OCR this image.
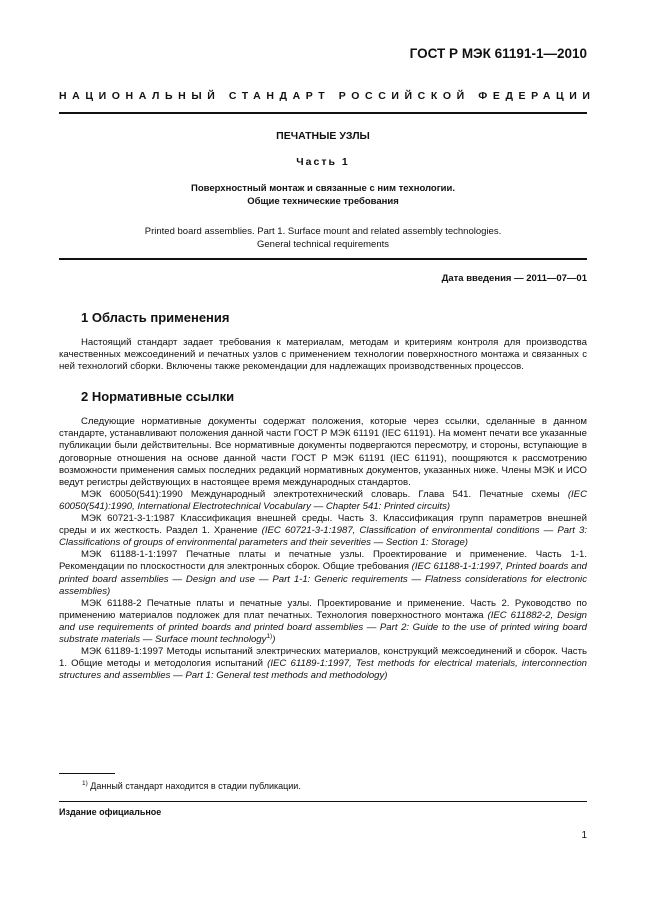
ГОСТ Р МЭК 61191-1—2010
НАЦИОНАЛЬНЫЙ СТАНДАРТ РОССИЙСКОЙ ФЕДЕРАЦИИ
ПЕЧАТНЫЕ УЗЛЫ
Часть 1
Поверхностный монтаж и связанные с ним технологии.
Общие технические требования
Printed board assemblies. Part 1. Surface mount and related assembly technologies.
General technical requirements
Дата введения — 2011—07—01
1 Область применения

Настоящий стандарт задает требования к материалам, методам и критериям контроля для производства качественных межсоединений и печатных узлов с применением технологии поверхностного монтажа и связанных с ней технологий сборки. Включены также рекомендации для надлежащих производственных процессов.

2 Нормативные ссылки

Следующие нормативные документы содержат положения, которые через ссылки, сделанные в данном стандарте, устанавливают положения данной части ГОСТ Р МЭК 61191 (IEC 61191). На момент печати все указанные публикации были действительны. Все нормативные документы подвергаются пересмотру, и стороны, вступающие в договорные отношения на основе данной части ГОСТ Р МЭК 61191 (IEC 61191), поощряются к рассмотрению возможности применения самых последних редакций нормативных документов, указанных ниже. Члены МЭК и ИСО ведут регистры действующих в настоящее время международных стандартов.

МЭК 60050(541):1990 Международный электротехнический словарь. Глава 541. Печатные схемы (IEC 60050(541):1990, International Electrotechnical Vocabulary — Chapter 541: Printed circuits)

МЭК 60721-3-1:1987 Классификация внешней среды. Часть 3. Классификация групп параметров внешней среды и их жесткость. Раздел 1. Хранение (IEC 60721-3-1:1987, Classification of environmental conditions — Part 3: Classifications of groups of environmental parameters and their severities — Section 1: Storage)

МЭК 61188-1-1:1997 Печатные платы и печатные узлы. Проектирование и применение. Часть 1-1. Рекомендации по плоскостности для электронных сборок. Общие требования (IEC 61188-1-1:1997, Printed boards and printed board assemblies — Design and use — Part 1-1: Generic requirements — Flatness considerations for electronic assemblies)

МЭК 61188-2 Печатные платы и печатные узлы. Проектирование и применение. Часть 2. Руководство по применению материалов подложек для плат печатных. Технология поверхностного монтажа (IEC 611882-2, Design and use requirements of printed boards and printed board assemblies — Part 2: Guide to the use of printed wiring board substrate materials — Surface mount technology$^{1)}$)

МЭК 61189-1:1997 Методы испытаний электрических материалов, конструкций межсоединений и сборок. Часть 1. Общие методы и методология испытаний (IEC 61189-1:1997, Test methods for electrical materials, interconnection structures and assemblies — Part 1: General test methods and methodology)

$^{1)}$ Данный стандарт находится в стадии публикации.
Издание официальное
1
